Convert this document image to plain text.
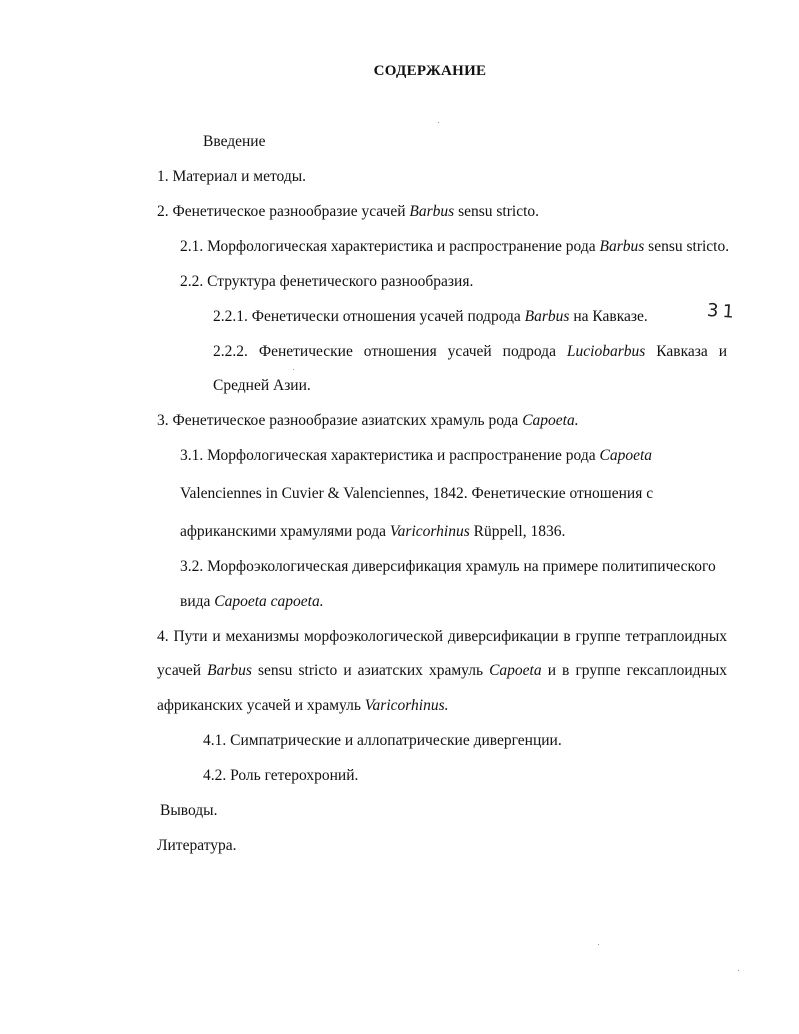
СОДЕРЖАНИЕ
Введение
1. Материал и методы.
2. Фенетическое разнообразие усачей Barbus sensu stricto.
2.1. Морфологическая характеристика и распространение рода Barbus sensu stricto.
2.2. Структура фенетического разнообразия.
2.2.1. Фенетически отношения усачей подрода Barbus на Кавказе.	31
2.2.2. Фенетические отношения усачей подрода Luciobarbus Кавказа и
Средней Азии.
3. Фенетическое разнообразие азиатских храмуль рода Capoeta.
3.1. Морфологическая характеристика и распространение рода Capoeta
Valenciennes in Cuvier & Valenciennes, 1842. Фенетические отношения с
африканскими храмулями рода Varicorhinus Rüppell, 1836.
3.2. Морфоэкологическая диверсификация храмуль на примере политипического
вида Capoeta capoeta.
4. Пути и механизмы морфоэкологической диверсификации в группе тетраплоидных
усачей Barbus sensu stricto и азиатских храмуль Capoeta и в группе гексаплоидных
африканских усачей и храмуль Varicorhinus.
4.1. Симпатрические и аллопатрические дивергенции.
4.2. Роль гетерохроний.
Выводы.
Литература.
